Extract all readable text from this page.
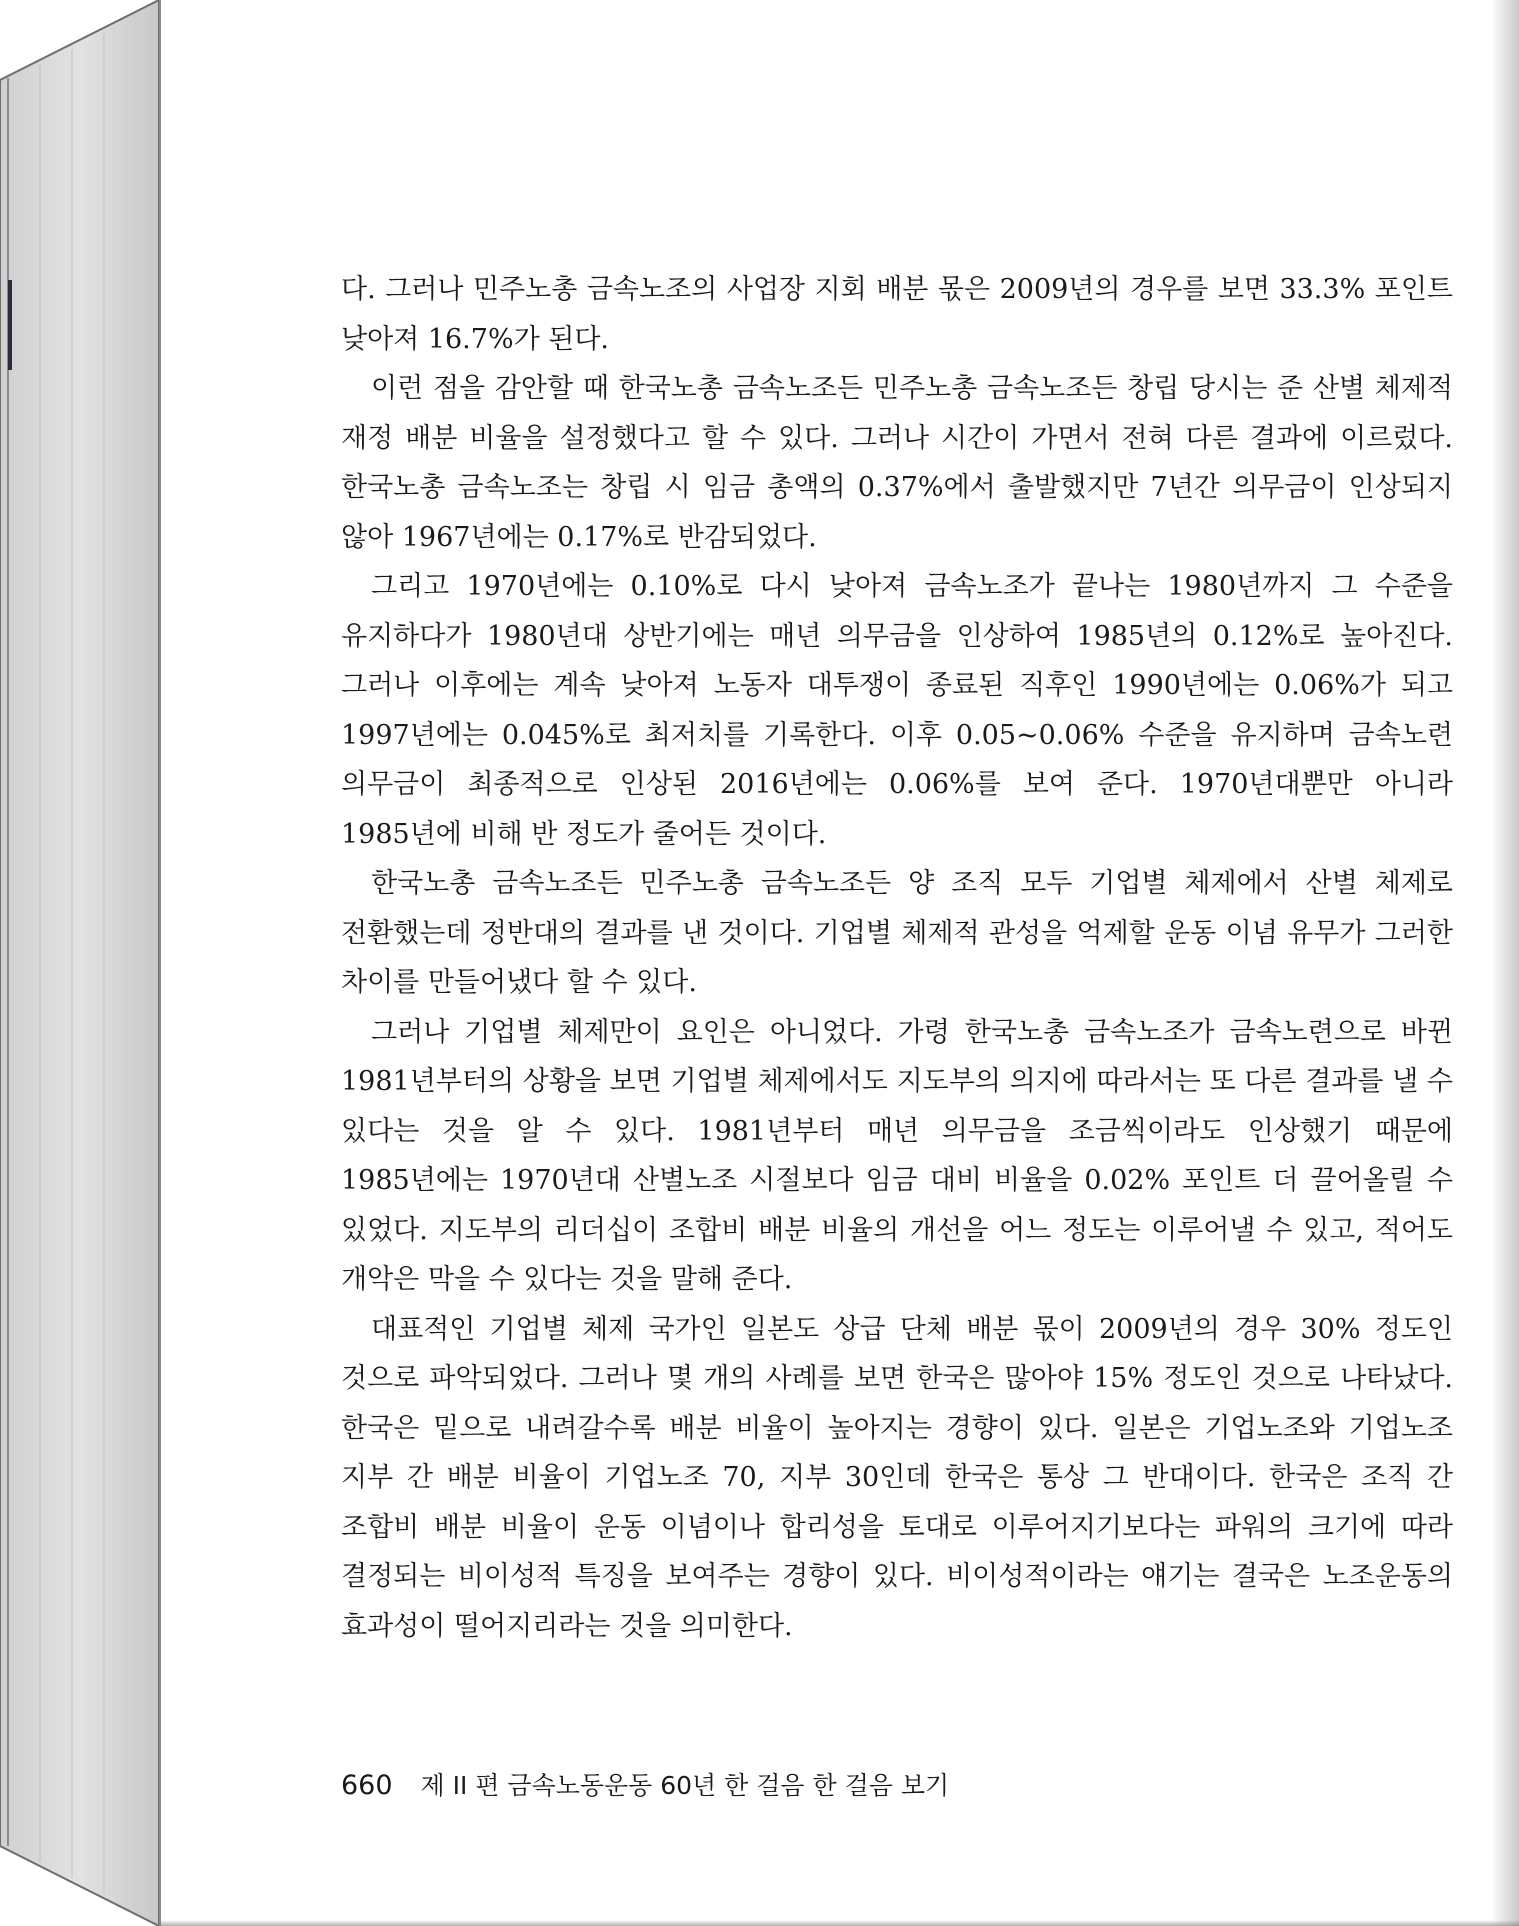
다. 그러나 민주노총 금속노조의 사업장 지회 배분 몫은 2009년의 경우를 보면 33.3% 포인트 낮아져 16.7%가 된다.

이런 점을 감안할 때 한국노총 금속노조든 민주노총 금속노조든 창립 당시는 준 산별 체제적 재정 배분 비율을 설정했다고 할 수 있다. 그러나 시간이 가면서 전혀 다른 결과에 이르렀다. 한국노총 금속노조는 창립 시 임금 총액의 0.37%에서 출발했지만 7년간 의무금이 인상되지 않아 1967년에는 0.17%로 반감되었다.

그리고 1970년에는 0.10%로 다시 낮아져 금속노조가 끝나는 1980년까지 그 수준을 유지하다가 1980년대 상반기에는 매년 의무금을 인상하여 1985년의 0.12%로 높아진다. 그러나 이후에는 계속 낮아져 노동자 대투쟁이 종료된 직후인 1990년에는 0.06%가 되고 1997년에는 0.045%로 최저치를 기록한다. 이후 0.05~0.06% 수준을 유지하며 금속노련 의무금이 최종적으로 인상된 2016년에는 0.06%를 보여 준다. 1970년대뿐만 아니라 1985년에 비해 반 정도가 줄어든 것이다.

한국노총 금속노조든 민주노총 금속노조든 양 조직 모두 기업별 체제에서 산별 체제로 전환했는데 정반대의 결과를 낸 것이다. 기업별 체제적 관성을 억제할 운동 이념 유무가 그러한 차이를 만들어냈다 할 수 있다.

그러나 기업별 체제만이 요인은 아니었다. 가령 한국노총 금속노조가 금속노련으로 바뀐 1981년부터의 상황을 보면 기업별 체제에서도 지도부의 의지에 따라서는 또 다른 결과를 낼 수 있다는 것을 알 수 있다. 1981년부터 매년 의무금을 조금씩이라도 인상했기 때문에 1985년에는 1970년대 산별노조 시절보다 임금 대비 비율을 0.02% 포인트 더 끌어올릴 수 있었다. 지도부의 리더십이 조합비 배분 비율의 개선을 어느 정도는 이루어낼 수 있고, 적어도 개악은 막을 수 있다는 것을 말해 준다.

대표적인 기업별 체제 국가인 일본도 상급 단체 배분 몫이 2009년의 경우 30% 정도인 것으로 파악되었다. 그러나 몇 개의 사례를 보면 한국은 많아야 15% 정도인 것으로 나타났다. 한국은 밑으로 내려갈수록 배분 비율이 높아지는 경향이 있다. 일본은 기업노조와 기업노조 지부 간 배분 비율이 기업노조 70, 지부 30인데 한국은 통상 그 반대이다. 한국은 조직 간 조합비 배분 비율이 운동 이념이나 합리성을 토대로 이루어지기보다는 파워의 크기에 따라 결정되는 비이성적 특징을 보여주는 경향이 있다. 비이성적이라는 얘기는 결국은 노조운동의 효과성이 떨어지리라는 것을 의미한다.

660 제 II 편 금속노동운동 60년 한 걸음 한 걸음 보기
